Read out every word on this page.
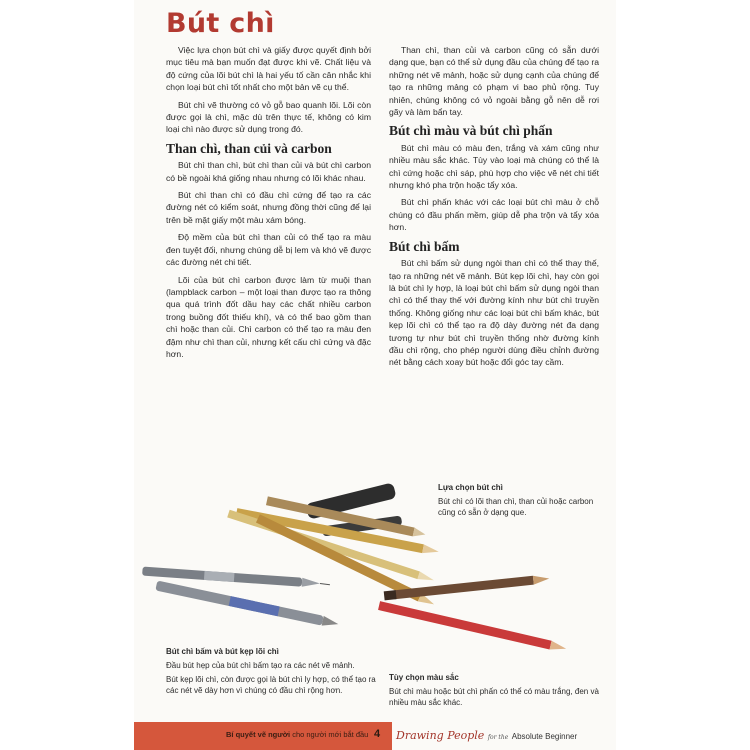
Bút chì

Việc lựa chọn bút chì và giấy được quyết định bởi mục tiêu mà bạn muốn đạt được khi vẽ. Chất liệu và độ cứng của lõi bút chì là hai yếu tố cần cân nhắc khi chọn loại bút chì tốt nhất cho một bản vẽ cụ thể.

Bút chì vẽ thường có vỏ gỗ bao quanh lõi. Lõi còn được gọi là chì, mặc dù trên thực tế, không có kim loại chì nào được sử dụng trong đó.

Than chì, than củi và carbon

Bút chì than chì, bút chì than củi và bút chì carbon có bề ngoài khá giống nhau nhưng có lõi khác nhau.

Bút chì than chì có đầu chì cứng để tạo ra các đường nét có kiểm soát, nhưng đồng thời cũng để lại trên bề mặt giấy một màu xám bóng.

Độ mềm của bút chì than củi có thể tạo ra màu đen tuyệt đối, nhưng chúng dễ bị lem và khó vẽ được các đường nét chi tiết.

Lõi của bút chì carbon được làm từ muội than (lampblack carbon – một loại than được tạo ra thông qua quá trình đốt dầu hay các chất nhiều carbon trong buồng đốt thiếu khí), và có thể bao gồm than chì hoặc than củi. Chì carbon có thể tạo ra màu đen đậm như chì than củi, nhưng kết cấu chì cứng và đặc hơn.

Than chì, than củi và carbon cũng có sẵn dưới dạng que, bạn có thể sử dụng đầu của chúng để tạo ra những nét vẽ mảnh, hoặc sử dụng cạnh của chúng để tạo ra những mảng có phạm vi bao phủ rộng. Tuy nhiên, chúng không có vỏ ngoài bằng gỗ nên dễ rơi gãy và làm bẩn tay.

Bút chì màu và bút chì phấn

Bút chì màu có màu đen, trắng và xám cũng như nhiều màu sắc khác. Tùy vào loại mà chúng có thể là chì cứng hoặc chì sáp, phù hợp cho việc vẽ nét chi tiết nhưng khó pha trộn hoặc tẩy xóa.

Bút chì phấn khác với các loại bút chì màu ở chỗ chúng có đầu phấn mềm, giúp dễ pha trộn và tẩy xóa hơn.

Bút chì bấm

Bút chì bấm sử dụng ngòi than chì có thể thay thế, tạo ra những nét vẽ mảnh. Bút kẹp lõi chì, hay còn gọi là bút chì ly hợp, là loại bút chì bấm sử dụng ngòi than chì có thể thay thế với đường kính như bút chì truyền thống. Không giống như các loại bút chì bấm khác, bút kẹp lõi chì có thể tạo ra độ dày đường nét đa dạng tương tự như bút chì truyền thống nhờ đường kính đầu chì rộng, cho phép người dùng điều chỉnh đường nét bằng cách xoay bút hoặc đổi góc tay cầm.

Lựa chọn bút chì

Bút chì có lõi than chì, than củi hoặc carbon cũng có sẵn ở dạng que.

Bút chì bấm và bút kẹp lõi chì

Đầu bút hẹp của bút chì bấm tạo ra các nét vẽ mảnh.

Bút kẹp lõi chì, còn được gọi là bút chì ly hợp, có thể tạo ra các nét vẽ dày hơn vì chúng có đầu chì rộng hơn.

Tùy chọn màu sắc

Bút chì màu hoặc bút chì phấn có thể có màu trắng, đen và nhiều màu sắc khác.

Bí quyết vẽ người cho người mới bắt đầu 4 Drawing People for the Absolute Beginner
